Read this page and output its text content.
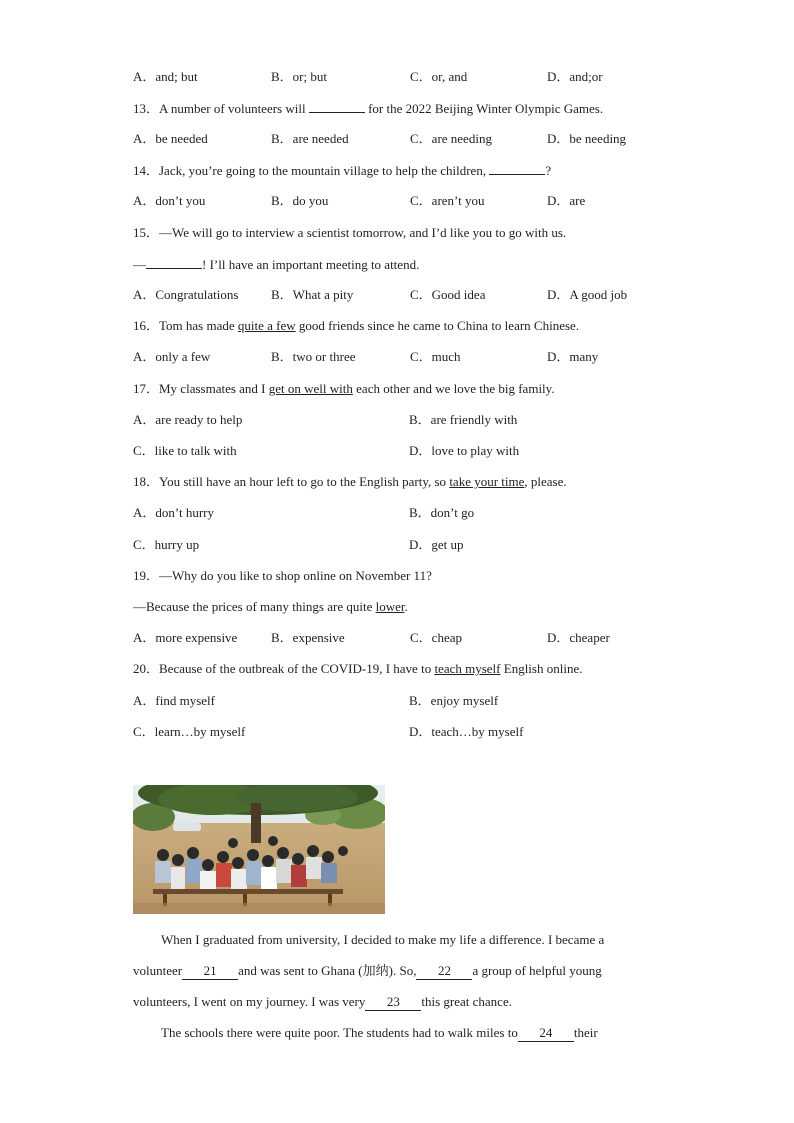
A．and; but	B．or; but	C．or, and	D．and;or
13．A number of volunteers will	for the 2022 Beijing Winter Olympic Games.
A．be needed	B．are needed	C．are needing	D．be needing
14．Jack, you’re going to the mountain village to help the children,	?
A．don’t you	B．do you	C．aren’t you	D．are
15．—We will go to interview a scientist tomorrow, and I’d like you to go with us.
—	! I’ll have an important meeting to attend.
A．Congratulations	B．What a pity	C．Good idea	D．A good job
16．Tom has made quite a few good friends since he came to China to learn Chinese.
A．only a few	B．two or three	C．much	D．many
17．My classmates and I get on well with each other and we love the big family.
A．are ready to help	B．are friendly with
C．like to talk with	D．love to play with
18．You still have an hour left to go to the English party, so take your time, please.
A．don’t hurry	B．don’t go
C．hurry up	D．get up
19．—Why do you like to shop online on November 11?
—Because the prices of many things are quite lower.
A．more expensive	B．expensive	C．cheap	D．cheaper
20．Because of the outbreak of the COVID-19, I have to teach myself English online.
A．find myself	B．enjoy myself
C．learn…by myself	D．teach…by myself
When I graduated from university, I decided to make my life a difference. I became a
volunteer 21 and was sent to Ghana (加纳). So, 22 a group of helpful young
volunteers, I went on my journey. I was very 23 this great chance.
The schools there were quite poor. The students had to walk miles to 24 their
